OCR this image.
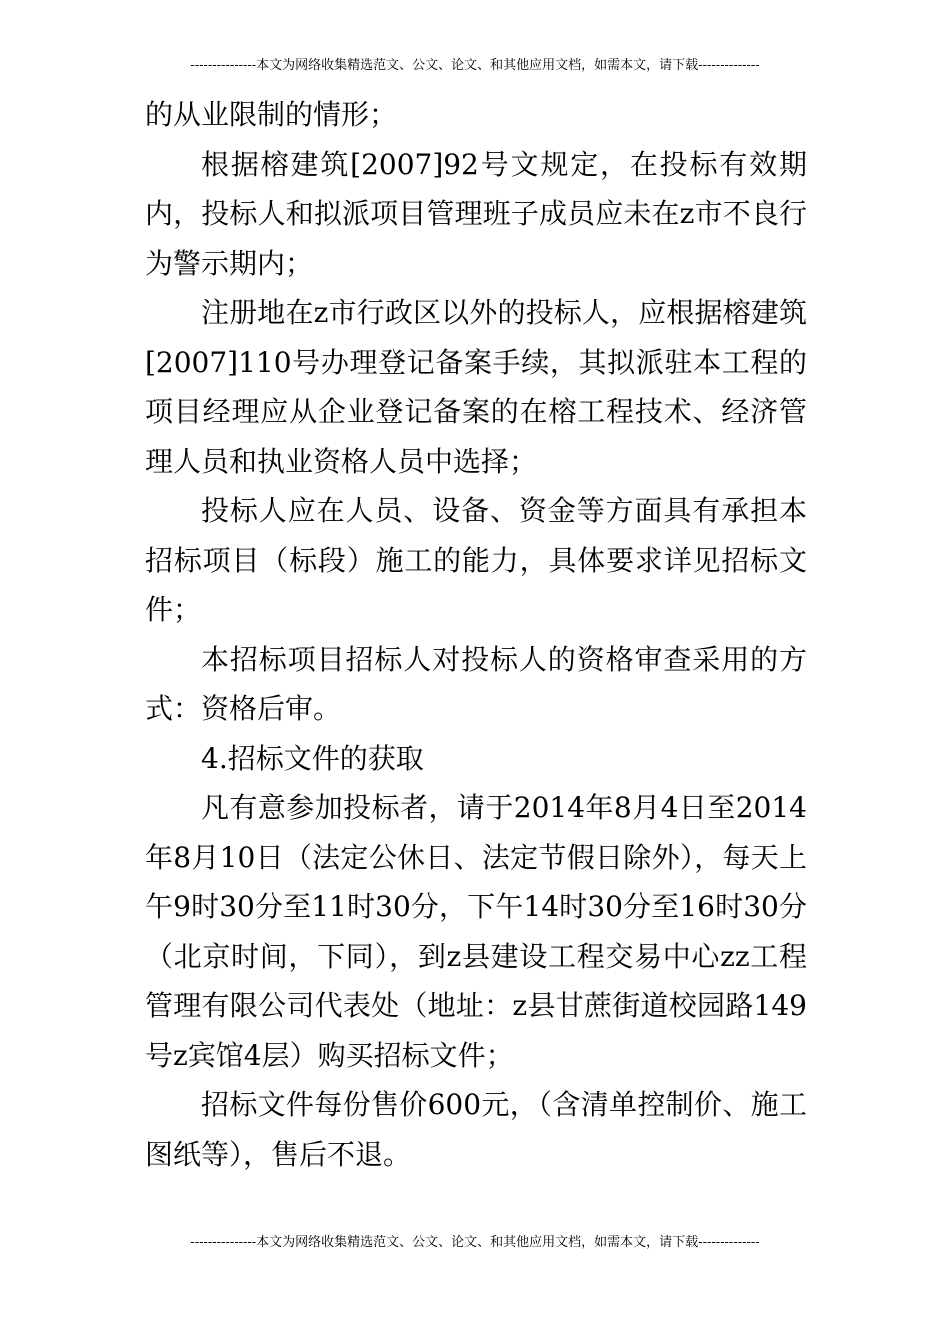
---------------本文为网络收集精选范文、公文、论文、和其他应用文档，如需本文，请下载--------------

的从业限制的情形；

根据榕建筑[2007]92号文规定，在投标有效期内，投标人和拟派项目管理班子成员应未在z市不良行为警示期内；

注册地在z市行政区以外的投标人，应根据榕建筑[2007]110号办理登记备案手续，其拟派驻本工程的项目经理应从企业登记备案的在榕工程技术、经济管理人员和执业资格人员中选择；

投标人应在人员、设备、资金等方面具有承担本招标项目（标段）施工的能力，具体要求详见招标文件；

本招标项目招标人对投标人的资格审查采用的方式：资格后审。

4.招标文件的获取

凡有意参加投标者，请于2014年8月4日至2014年8月10日（法定公休日、法定节假日除外），每天上午9时30分至11时30分，下午14时30分至16时30分（北京时间，下同），到z县建设工程交易中心zz工程管理有限公司代表处（地址：z县甘蔗街道校园路149号z宾馆4层）购买招标文件；

招标文件每份售价600元，（含清单控制价、施工图纸等），售后不退。

---------------本文为网络收集精选范文、公文、论文、和其他应用文档，如需本文，请下载--------------
